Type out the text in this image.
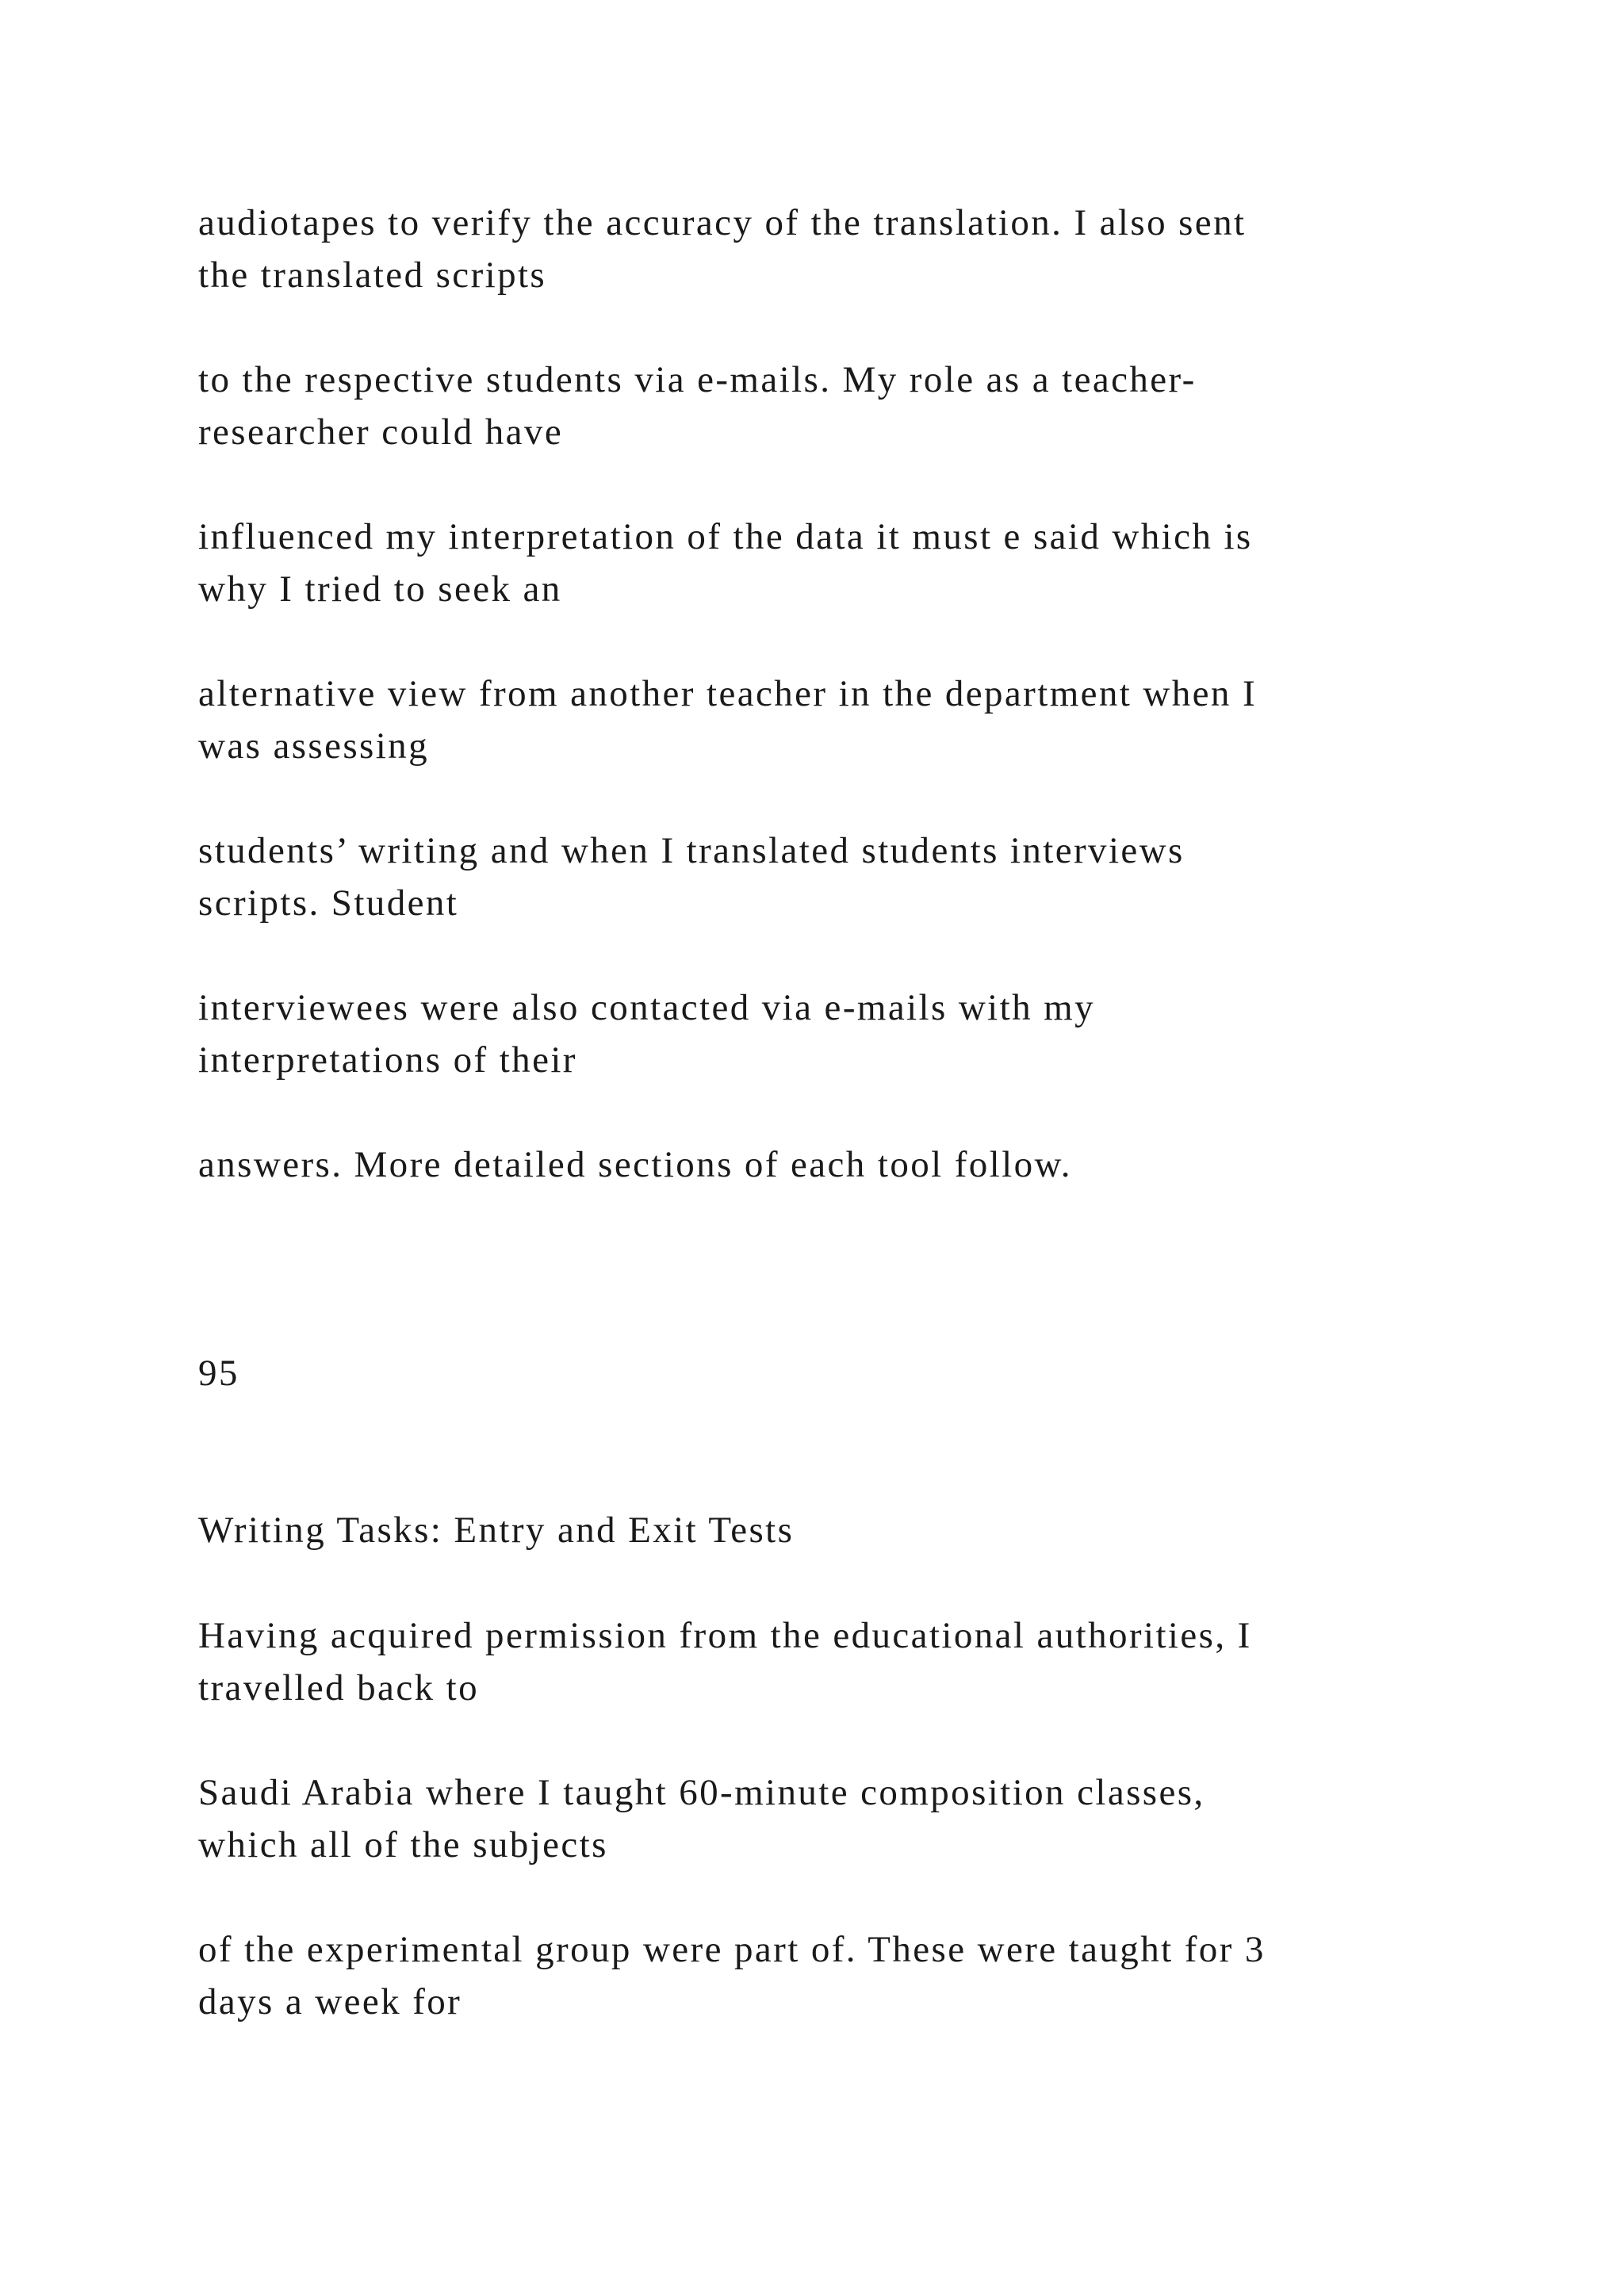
audiotapes to verify the accuracy of the translation. I also sent

the translated scripts

to the respective students via e-mails. My role as a teacher-

researcher could have

influenced my interpretation of the data it must e said which is

why I tried to seek an

alternative view from another teacher in the department when I

was assessing

students’ writing and when I translated students interviews

scripts. Student

interviewees were also contacted via e-mails with my

interpretations of their

answers. More detailed sections of each tool follow.

95

Writing Tasks: Entry and Exit Tests

Having acquired permission from the educational authorities, I

travelled back to

Saudi Arabia where I taught 60-minute composition classes,

which all of the subjects

of the experimental group were part of. These were taught for 3

days a week for
